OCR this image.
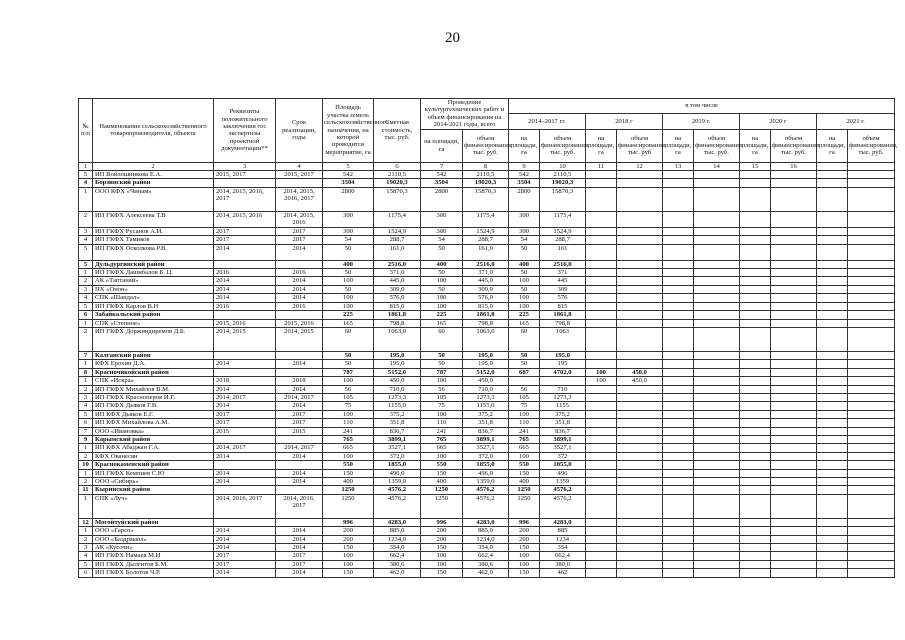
20
№ п/п	Наименование сельскохозяйственного товаропроизводителя, объекта	Реквизиты положительного заключения гос экспертизы проектной документации**	Срок реализации, годы	Площадь участка земель сельскохозяйственного назначения, на которой проводится мероприятие, га	Сметная стоимость, тыс. руб.	Проведение культуртехнических работ и объем финансирования на 2014-2021 годы, всего		в том числе									
								2014–2017 гг.		2018 г		2019 г.		2020 г		2021 г.	
						на площади, га	объем финансирования, тыс. руб.	на площади, га	объем финансирования, тыс. руб.	на площади, га	объем финансирования, тыс. руб	на площади, га	объем финансирования, тыс. руб.	на площади, га	объем финансирования, тыс. руб.	на площади, га	объем финансирования, тыс. руб.
1	2	3	4	5	6	7	8	9	10	11	12	13	14	15	16		
5	ИП Войлошникова Е.А.	2015, 2017	2015, 2017	542	2110,5	542	2110,5	542	2110,5								
4	Борзинский район			3504	19020,3	3504	19020,3	3504	19020,3								
1	ООО КФХ «Чинам»	2014, 2015, 2016, 2017	2014, 2015, 2016, 2017	2800	15870,3	2800	15870,3	2800	15870,3								
2	ИП ГКФХ Алексеева Т.В	2014, 2015, 2016	2014, 2015, 2016	300	1175,4	300	1175,4	300	1175,4								
3	ИП ГКФХ Русанов А.И.	2017	2017	300	1524,9	300	1524,9	300	1524,9								
4	ИП ГКФХ Тамиков	2017	2017	54	288,7	54	288,7	54	288,7								
5	ИП ГКФХ Осколкова Р.В.	2014	2014	50	161,0	50	161,0	50	161								
5	Дульдургинский район			400	2516,0	400	2516,0	400	2516,0								
1	ИП ГКФХ Дашибалов Б. Ц.	2016	2016	50	371,0	50	371,0	50	371								
2	АК «Таптанай»	2014	2014	100	445,0	100	445,0	100	445								
3	ПХ «Онон»	2014	2014	50	309,0	50	309,0	50	309								
4	СПК «Шандал»	2014	2014	100	576,0	100	576,0	100	576								
5	ИП ГКФХ Карлов В.Н	2016	2016	100	815,0	100	815,0	100	815								
6	Забайкальский район			225	1861,8	225	1861,8	225	1861,8								
1	СПК «Степное»	2015, 2016	2015, 2016	165	798,8	165	798,8	165	798,8								
2	ИП ГКФХ Доржиндиремов Д.Б.	2014, 2015	2014, 2015	60	1063,0	60	1063,0	60	1063								
7	Калганский район			50	195,0	50	195,0	50	195,0								
1	КФХ Ерохин Д.А.	2014	2014	50	195,0	50	195,0	50	195								
8	Красночикойский район			787	5152,0	787	5152,0	687	4702,0	100	450,0						
1	СПК «Искра»	2018	2018	100	450,0	100	450,0			100	450,0						
2	ИП ГКФХ Михайлов В.М.	2014	2014	56	710,0	56	710,0	56	710								
3	ИП ГКФХ Красноперов И.Г.	2014, 2017	2014, 2017	105	1273,3	105	1273,3	105	1273,3								
4	ИП ГКФХ Дьяков Г.В.	2014	2014	75	1155,0	75	1155,0	75	1155								
5	ИП КФХ Дьяков Е.Г.	2017	2017	100	375,2	100	375,2	100	375,2								
6	ИП КФХ Михайлова А.М.	2017	2017	110	351,8	110	351,8	110	351,8								
7	ООО «Ивановка»	2015	2015	241	836,7	241	836,7	241	836,7								
9	Карымский район			765	3899,1	765	3899,1	765	3899,1								
1	ИП КФХ Абаджан Г.А.	2014, 2017	2014, 2017	665	3527,1	665	3527,1	665	3527,1								
2	КФХ Ованесян	2014	2014	100	372,0	100	372,0	100	372								
10	Краснокаменский район			550	1855,0	550	1855,0	550	1855,0								
1	ИП ГКФХ Кемпиев С.Ю	2014	2014	150	496,0	150	496,0	150	496								
2	ООО «Сибирь»	2014	2014	400	1359,0	400	1359,0	400	1359								
11	Кыринский район			1250	4576,2	1250	4576,2	1250	4576,2								
1	СПК «Луч»	2014, 2016, 2017	2014, 2016, 2017	1250	4576,2	1250	4576,2	1250	4576,2								
12	Могойтуйский район			996	4283,0	996	4283,0	996	4283,0								
1	ООО «Гарсо»	2014	2014	200	885,0	200	885,0	200	885								
2	ООО «Баэдрмаол»	2014	2014	200	1234,0	200	1234,0	200	1234								
3	АК «Кусочи»	2014	2014	150	354,0	150	354,0	150	354								
4	ИП ГКФХ Намаев М.И	2017	2017	100	662,4	100	662,4	100	662,4								
5	ИП ГКФХ Дылгитов Б.М.	2017	2017	100	380,6	100	380,6	100	380,6								
6	ИП ГКФХ Болотов Ч.Р.	2014	2014	150	462,0	150	462,0	150	462								
